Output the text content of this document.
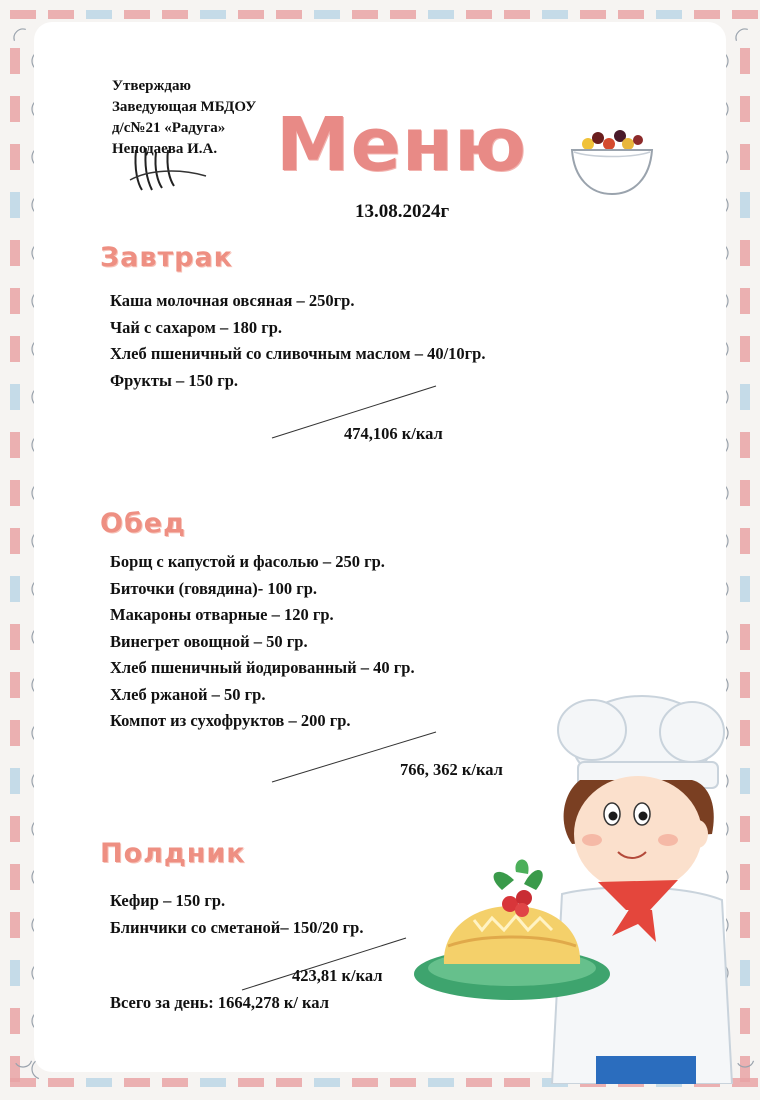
Утверждаю
Заведующая МБДОУ
д/с№21 «Радуга»
Неподаева И.А. Меню
13.08.2024г
Завтрак
Каша молочная овсяная – 250гр.
Чай с сахаром – 180 гр.
Хлеб пшеничный со сливочным маслом – 40/10гр.
Фрукты – 150 гр.
474,106 к/кал
Обед
Борщ с капустой и фасолью – 250 гр.
Биточки (говядина)- 100 гр.
Макароны отварные – 120 гр.
Винегрет овощной – 50 гр.
Хлеб пшеничный йодированный – 40 гр.
Хлеб ржаной – 50 гр.
Компот из сухофруктов – 200 гр.
766, 362 к/кал
Полдник
Кефир – 150 гр.
Блинчики со сметаной– 150/20 гр.
423,81 к/кал
Всего за день: 1664,278 к/ кал
